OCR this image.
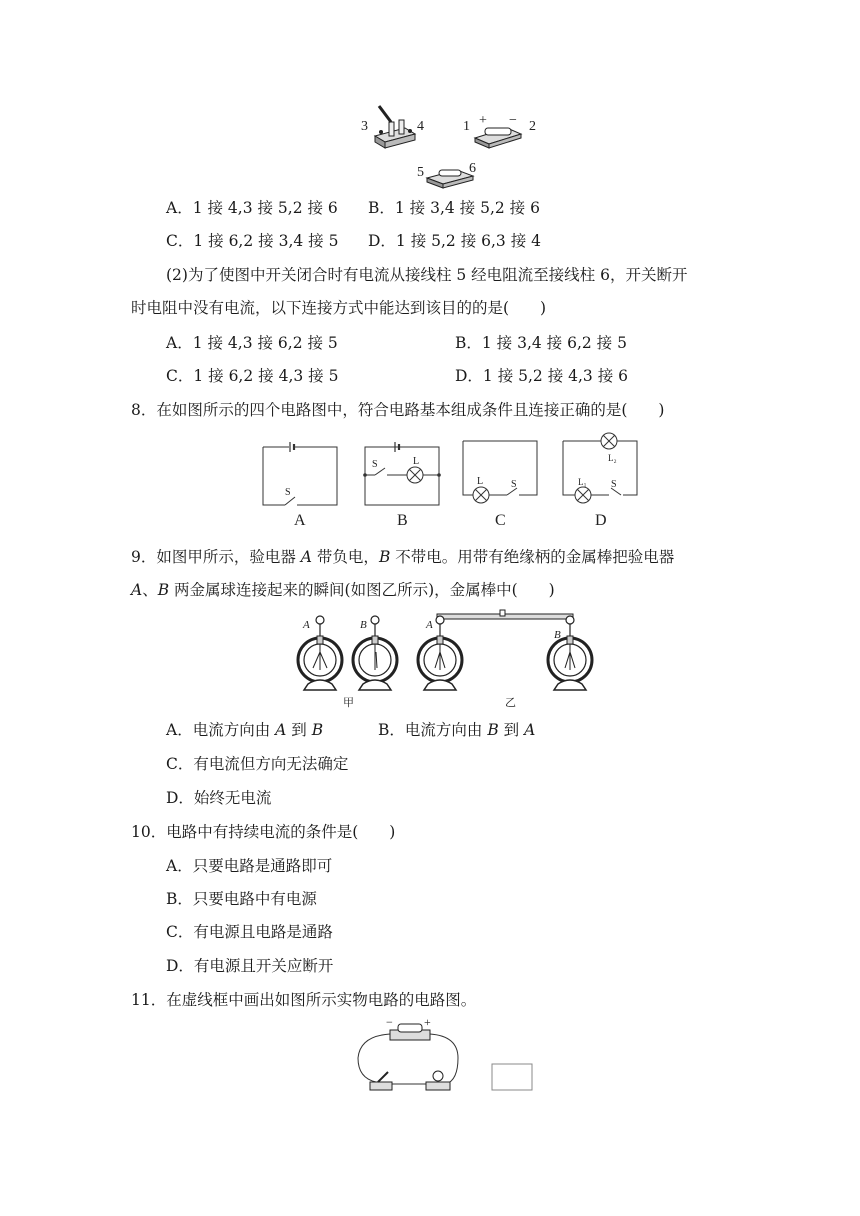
3	4	1	2
+ −
5	6
A．1 接 4,3 接 5,2 接 6 B．1 接 3,4 接 5,2 接 6
C．1 接 6,2 接 3,4 接 5 D．1 接 5,2 接 6,3 接 4
(2)为了使图中开关闭合时有电流从接线柱 5 经电阻流至接线柱 6，开关断开
时电阻中没有电流，以下连接方式中能达到该目的的是(　　)
A．1 接 4,3 接 6,2 接 5	B．1 接 3,4 接 6,2 接 5
C．1 接 6,2 接 4,3 接 5	D．1 接 5,2 接 4,3 接 6
8．在如图所示的四个电路图中，符合电路基本组成条件且连接正确的是(　　)
S
A
S	L
B
L	S
C
L₂
L₁ S
D
9．如图甲所示，验电器 A 带负电，B 不带电。用带有绝缘柄的金属棒把验电器
A、B 两金属球连接起来的瞬间(如图乙所示)，金属棒中(　　)
A	B
甲
A
B
乙
A．电流方向由 A 到 B	B．电流方向由 B 到 A
C．有电流但方向无法确定
D．始终无电流
10．电路中有持续电流的条件是(　　)
A．只要电路是通路即可
B．只要电路中有电源
C．有电源且电路是通路
D．有电源且开关应断开
11．在虚线框中画出如图所示实物电路的电路图。
−	+
